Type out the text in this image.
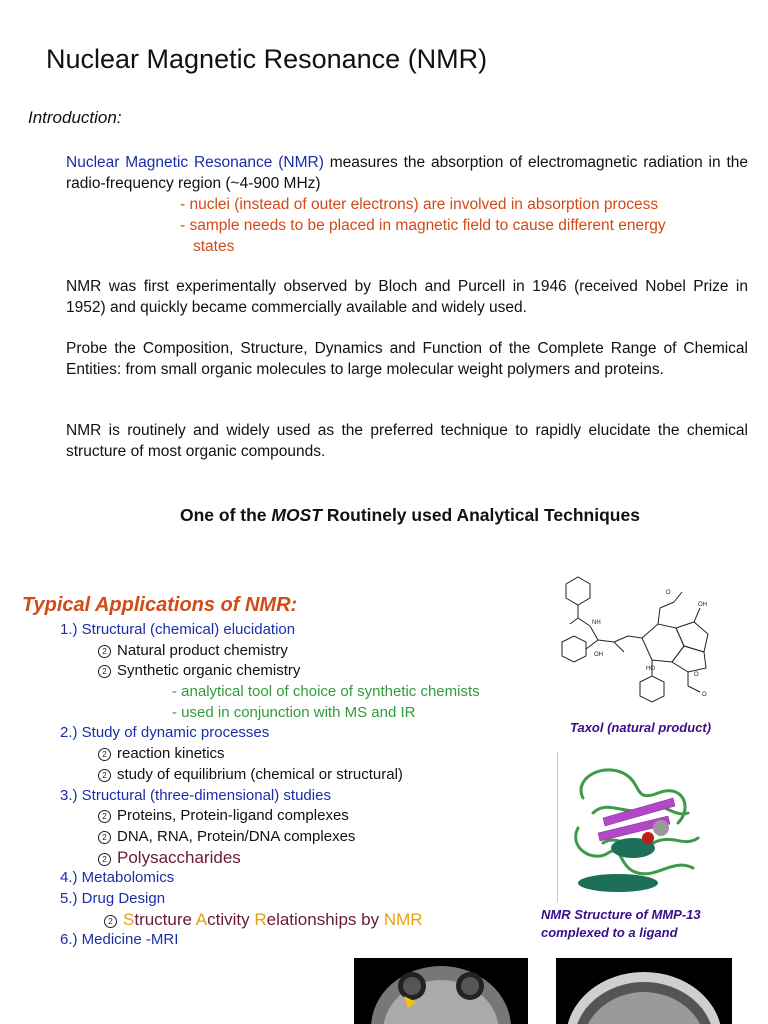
Nuclear Magnetic Resonance (NMR)
Introduction:
Nuclear Magnetic Resonance (NMR) measures the absorption of electromagnetic radiation in the radio-frequency region (~4-900 MHz)
- nuclei (instead of outer electrons) are involved in absorption process
- sample needs to be placed in magnetic field to cause different energy
states
NMR was first experimentally observed by Bloch and Purcell in 1946 (received Nobel Prize in 1952) and quickly became commercially available and widely used.
Probe the Composition, Structure, Dynamics and Function of the Complete Range of Chemical Entities: from small organic molecules to large molecular weight polymers and proteins.
NMR is routinely and widely used as the preferred technique to rapidly elucidate the chemical structure of most organic compounds.
One of the MOST Routinely used Analytical Techniques
Typical Applications of NMR:
1.) Structural (chemical) elucidation
2 Natural product chemistry
2 Synthetic organic chemistry
- analytical tool of choice of synthetic chemists
- used in conjunction with MS and IR
2.) Study of dynamic processes
2 reaction kinetics
2 study of equilibrium (chemical or structural)
3.) Structural (three-dimensional) studies
2 Proteins, Protein-ligand complexes
2 DNA, RNA, Protein/DNA complexes
2 Polysaccharides
4.) Metabolomics
5.) Drug Design
2 Structure Activity Relationships by NMR
6.) Medicine -MRI
NH
OH
O
OH
HO
O
O
Taxol (natural product)
NMR Structure of MMP-13
complexed to a ligand
